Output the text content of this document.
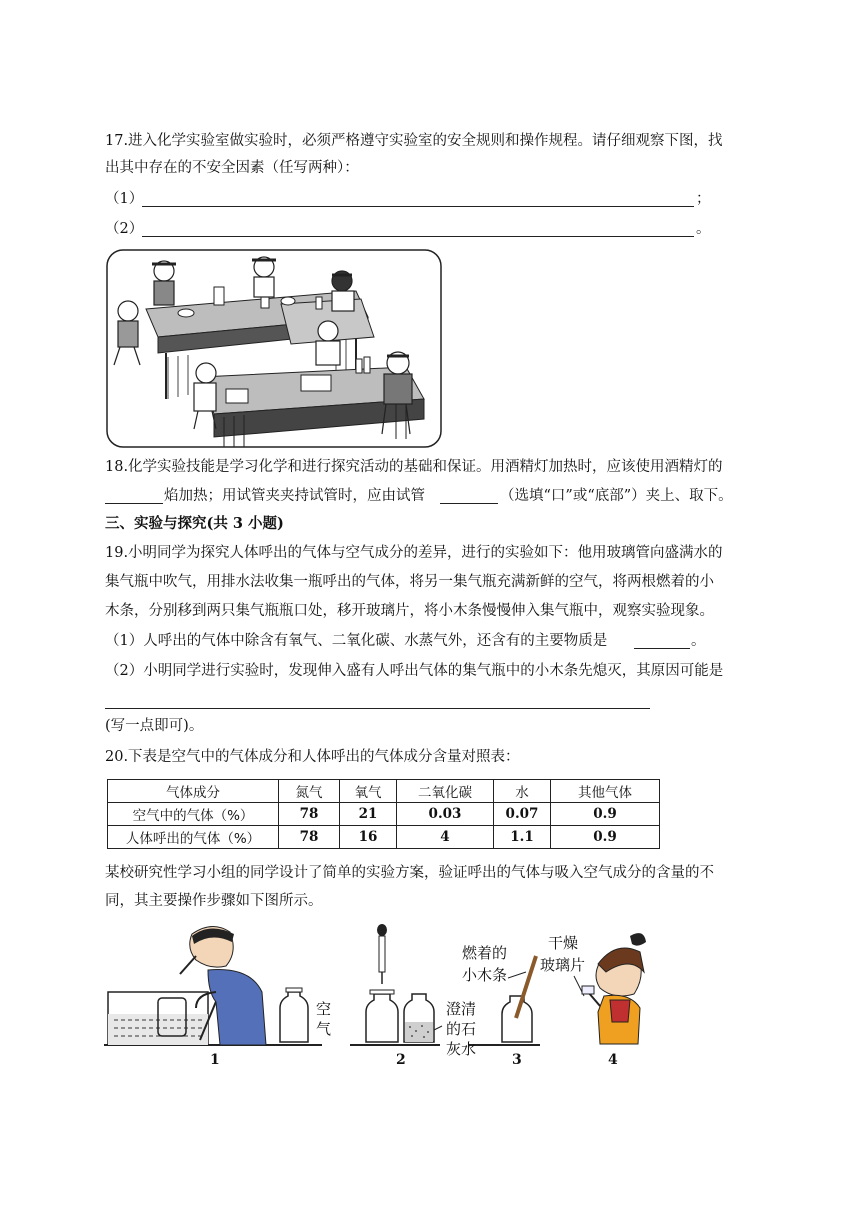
17.进入化学实验室做实验时，必须严格遵守实验室的安全规则和操作规程。请仔细观察下图，找
出其中存在的不安全因素（任写两种）：
（1）	；
（2）	。
18.化学实验技能是学习化学和进行探究活动的基础和保证。用酒精灯加热时，应该使用酒精灯的
焰加热；用试管夹夹持试管时，应由试管	（选填“口”或“底部”）夹上、取下。
三、实验与探究(共 3 小题)
19.小明同学为探究人体呼出的气体与空气成分的差异，进行的实验如下：他用玻璃管向盛满水的
集气瓶中吹气，用排水法收集一瓶呼出的气体，将另一集气瓶充满新鲜的空气，将两根燃着的小
木条，分别移到两只集气瓶瓶口处，移开玻璃片，将小木条慢慢伸入集气瓶中，观察实验现象。
（1）人呼出的气体中除含有氧气、二氧化碳、水蒸气外，还含有的主要物质是	。
（2）小明同学进行实验时，发现伸入盛有人呼出气体的集气瓶中的小木条先熄灭，其原因可能是
(写一点即可)。
20.下表是空气中的气体成分和人体呼出的气体成分含量对照表：
气体成分	氮气	氧气	二氧化碳	水	其他气体
空气中的气体（%）	78	21	0.03	0.07	0.9
人体呼出的气体（%）	78	16	4	1.1	0.9
某校研究性学习小组的同学设计了简单的实验方案，验证呼出的气体与吸入空气成分的含量的不
同，其主要操作步骤如下图所示。
空
气
1
澄清
的石
灰水
2
燃着的
小木条
3
干燥
玻璃片
4
